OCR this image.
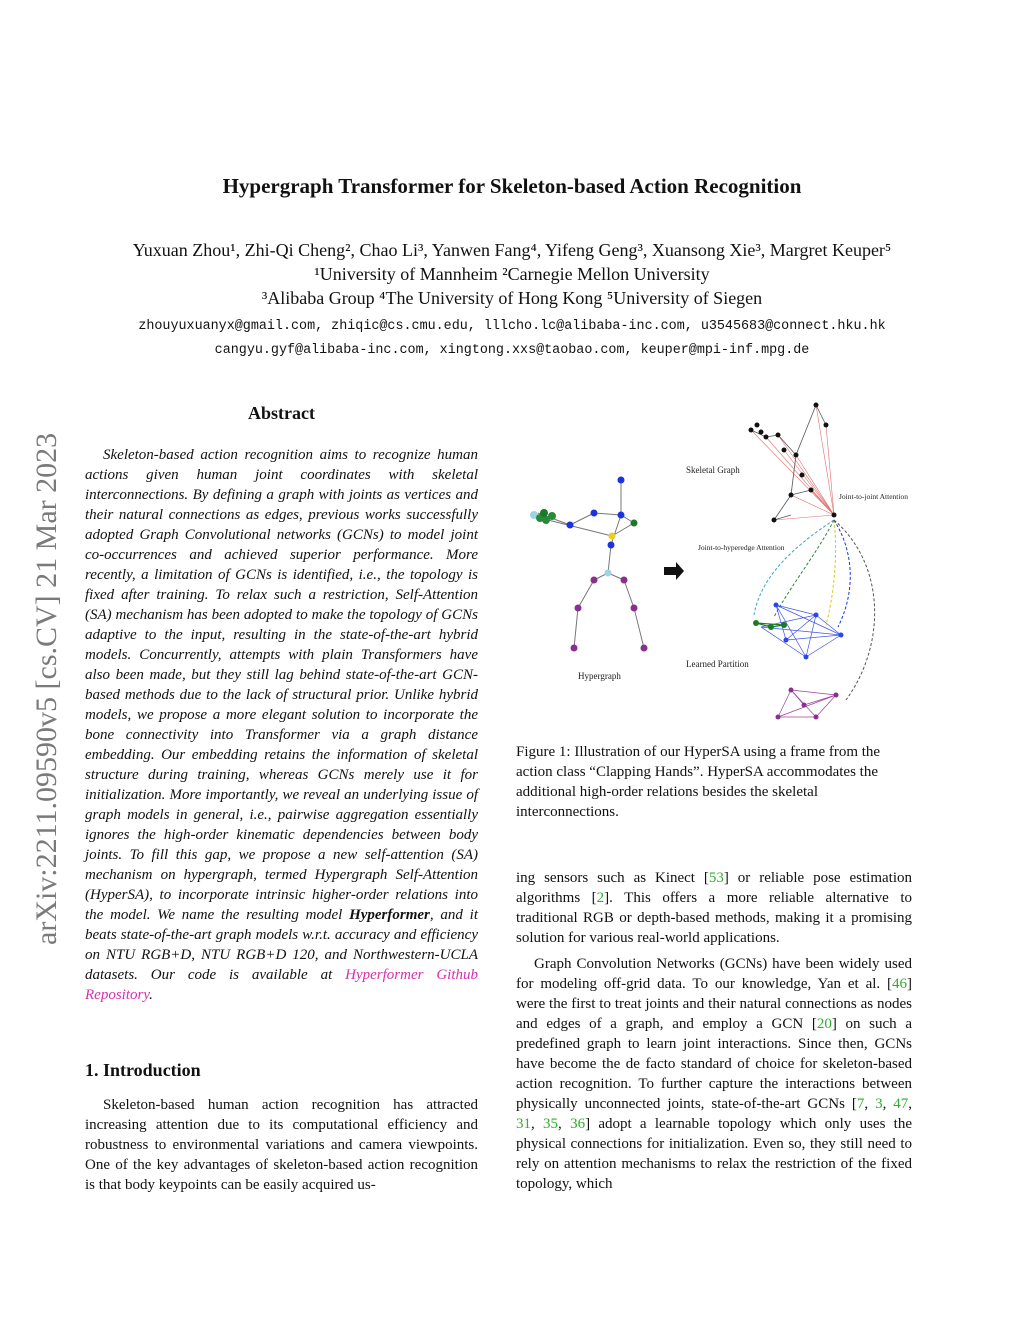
Hypergraph Transformer for Skeleton-based Action Recognition
Yuxuan Zhou¹, Zhi-Qi Cheng², Chao Li³, Yanwen Fang⁴, Yifeng Geng³, Xuansong Xie³, Margret Keuper⁵
¹University of Mannheim ²Carnegie Mellon University
³Alibaba Group ⁴The University of Hong Kong ⁵University of Siegen
zhouyuxuanyx@gmail.com, zhiqic@cs.cmu.edu, lllcho.lc@alibaba-inc.com, u3545683@connect.hku.hk
cangyu.gyf@alibaba-inc.com, xingtong.xxs@taobao.com, keuper@mpi-inf.mpg.de
arXiv:2211.09590v5 [cs.CV] 21 Mar 2023
Abstract

Skeleton-based action recognition aims to recognize human actions given human joint coordinates with skeletal interconnections. By defining a graph with joints as vertices and their natural connections as edges, previous works successfully adopted Graph Convolutional networks (GCNs) to model joint co-occurrences and achieved superior performance. More recently, a limitation of GCNs is identified, i.e., the topology is fixed after training. To relax such a restriction, Self-Attention (SA) mechanism has been adopted to make the topology of GCNs adaptive to the input, resulting in the state-of-the-art hybrid models. Concurrently, attempts with plain Transformers have also been made, but they still lag behind state-of-the-art GCN-based methods due to the lack of structural prior. Unlike hybrid models, we propose a more elegant solution to incorporate the bone connectivity into Transformer via a graph distance embedding. Our embedding retains the information of skeletal structure during training, whereas GCNs merely use it for initialization. More importantly, we reveal an underlying issue of graph models in general, i.e., pairwise aggregation essentially ignores the high-order kinematic dependencies between body joints. To fill this gap, we propose a new self-attention (SA) mechanism on hypergraph, termed Hypergraph Self-Attention (HyperSA), to incorporate intrinsic higher-order relations into the model. We name the resulting model Hyperformer, and it beats state-of-the-art graph models w.r.t. accuracy and efficiency on NTU RGB+D, NTU RGB+D 120, and Northwestern-UCLA datasets. Our code is available at Hyperformer Github Repository.

1. Introduction

Skeleton-based human action recognition has attracted increasing attention due to its computational efficiency and robustness to environmental variations and camera viewpoints. One of the key advantages of skeleton-based action recognition is that body keypoints can be easily acquired us-

Hypergraph
Skeletal Graph
Joint-to-joint Attention
Joint-to-hyperedge Attention
Learned Partition
Figure 1: Illustration of our HyperSA using a frame from the action class “Clapping Hands”. HyperSA accommodates the additional high-order relations besides the skeletal interconnections.

ing sensors such as Kinect [53] or reliable pose estimation algorithms [2]. This offers a more reliable alternative to traditional RGB or depth-based methods, making it a promising solution for various real-world applications.

Graph Convolution Networks (GCNs) have been widely used for modeling off-grid data. To our knowledge, Yan et al. [46] were the first to treat joints and their natural connections as nodes and edges of a graph, and employ a GCN [20] on such a predefined graph to learn joint interactions. Since then, GCNs have become the de facto standard of choice for skeleton-based action recognition. To further capture the interactions between physically unconnected joints, state-of-the-art GCNs [7, 3, 47, 31, 35, 36] adopt a learnable topology which only uses the physical connections for initialization. Even so, they still need to rely on attention mechanisms to relax the restriction of the fixed topology, which
